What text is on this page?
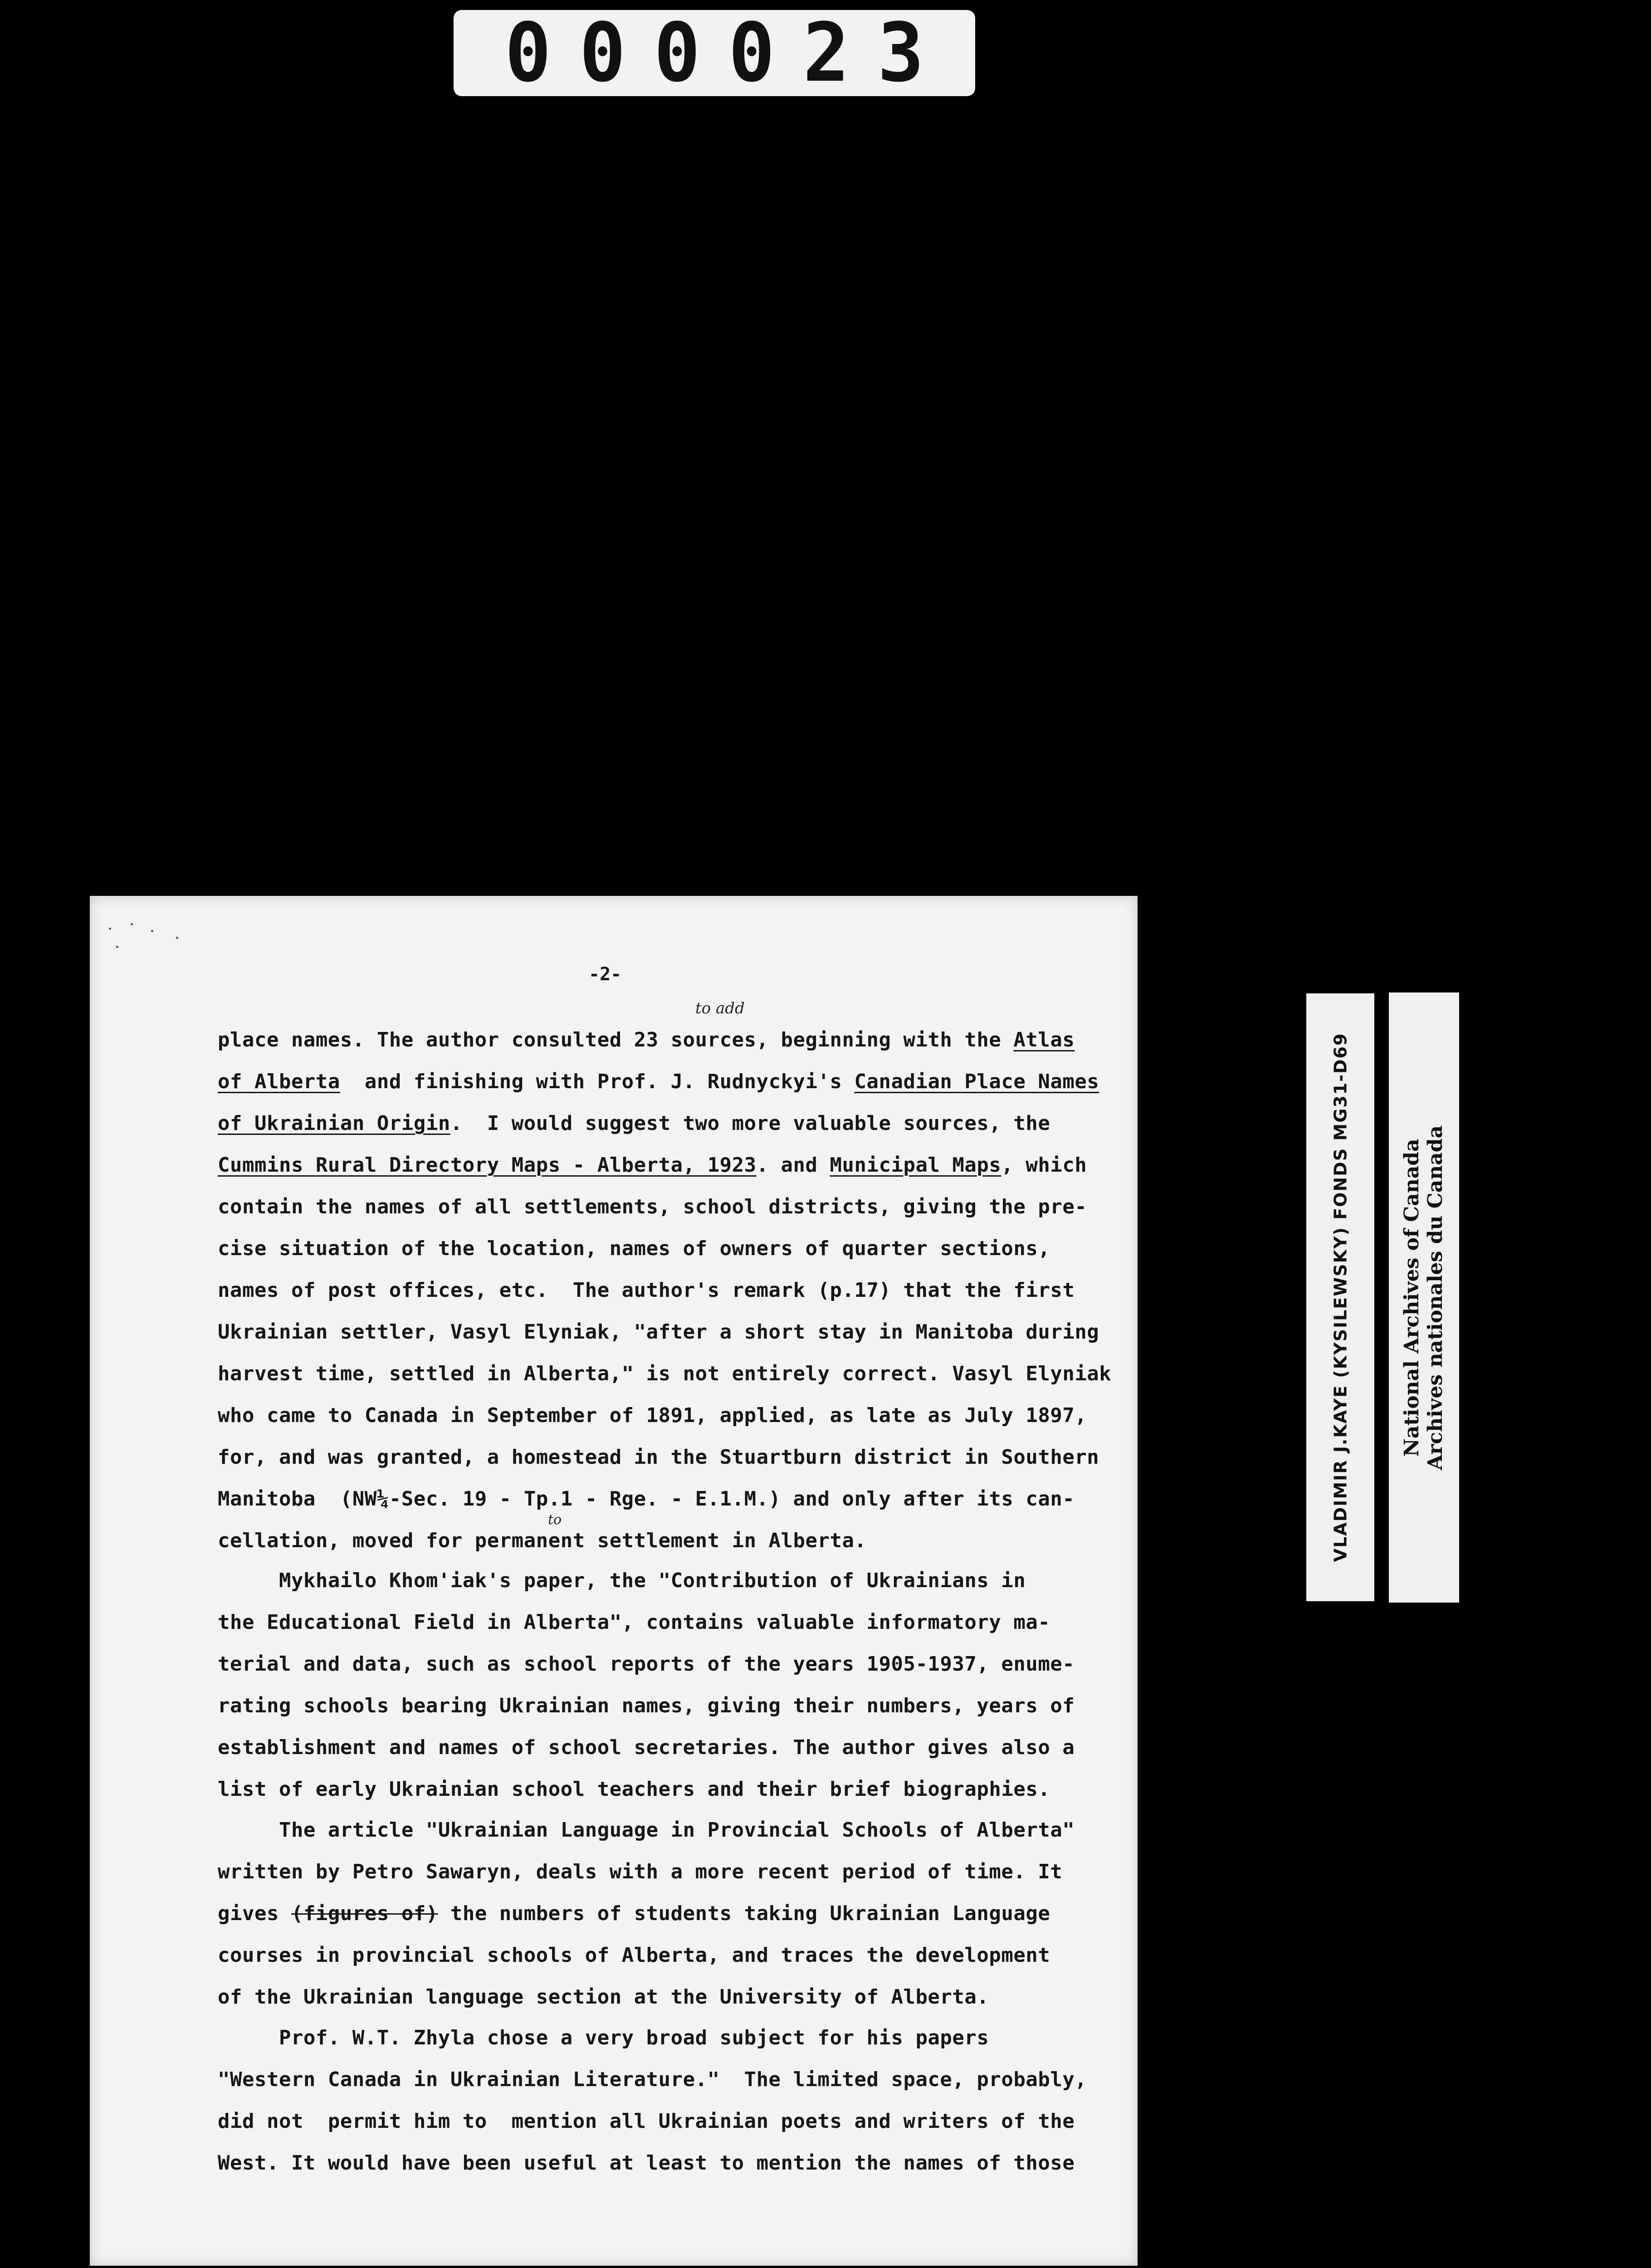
000023
-2-
to add
to
place names. The author consulted 23 sources, beginning with the Atlas
of Alberta  and finishing with Prof. J. Rudnyckyi's Canadian Place Names
of Ukrainian Origin.  I would suggest two more valuable sources, the
Cummins Rural Directory Maps - Alberta, 1923. and Municipal Maps, which
contain the names of all settlements, school districts, giving the pre-
cise situation of the location, names of owners of quarter sections,
names of post offices, etc.  The author's remark (p.17) that the first
Ukrainian settler, Vasyl Elyniak, "after a short stay in Manitoba during
harvest time, settled in Alberta," is not entirely correct. Vasyl Elyniak
who came to Canada in September of 1891, applied, as late as July 1897,
for, and was granted, a homestead in the Stuartburn district in Southern
Manitoba  (NW¼-Sec. 19 - Tp.1 - Rge. - E.1.M.) and only after its can-
cellation, moved for permanent settlement in Alberta.
Mykhailo Khom'iak's paper, the "Contribution of Ukrainians in
the Educational Field in Alberta", contains valuable informatory ma-
terial and data, such as school reports of the years 1905-1937, enume-
rating schools bearing Ukrainian names, giving their numbers, years of
establishment and names of school secretaries. The author gives also a
list of early Ukrainian school teachers and their brief biographies.
The article "Ukrainian Language in Provincial Schools of Alberta"
written by Petro Sawaryn, deals with a more recent period of time. It
gives (figures of) the numbers of students taking Ukrainian Language
courses in provincial schools of Alberta, and traces the development
of the Ukrainian language section at the University of Alberta.
Prof. W.T. Zhyla chose a very broad subject for his papers
"Western Canada in Ukrainian Literature."  The limited space, probably,
did not  permit him to  mention all Ukrainian poets and writers of the
West. It would have been useful at least to mention the names of those
VLADIMIR J.KAYE (KYSILEWSKY) FONDS MG31-D69	National Archives of Canada Archives nationales du Canada
